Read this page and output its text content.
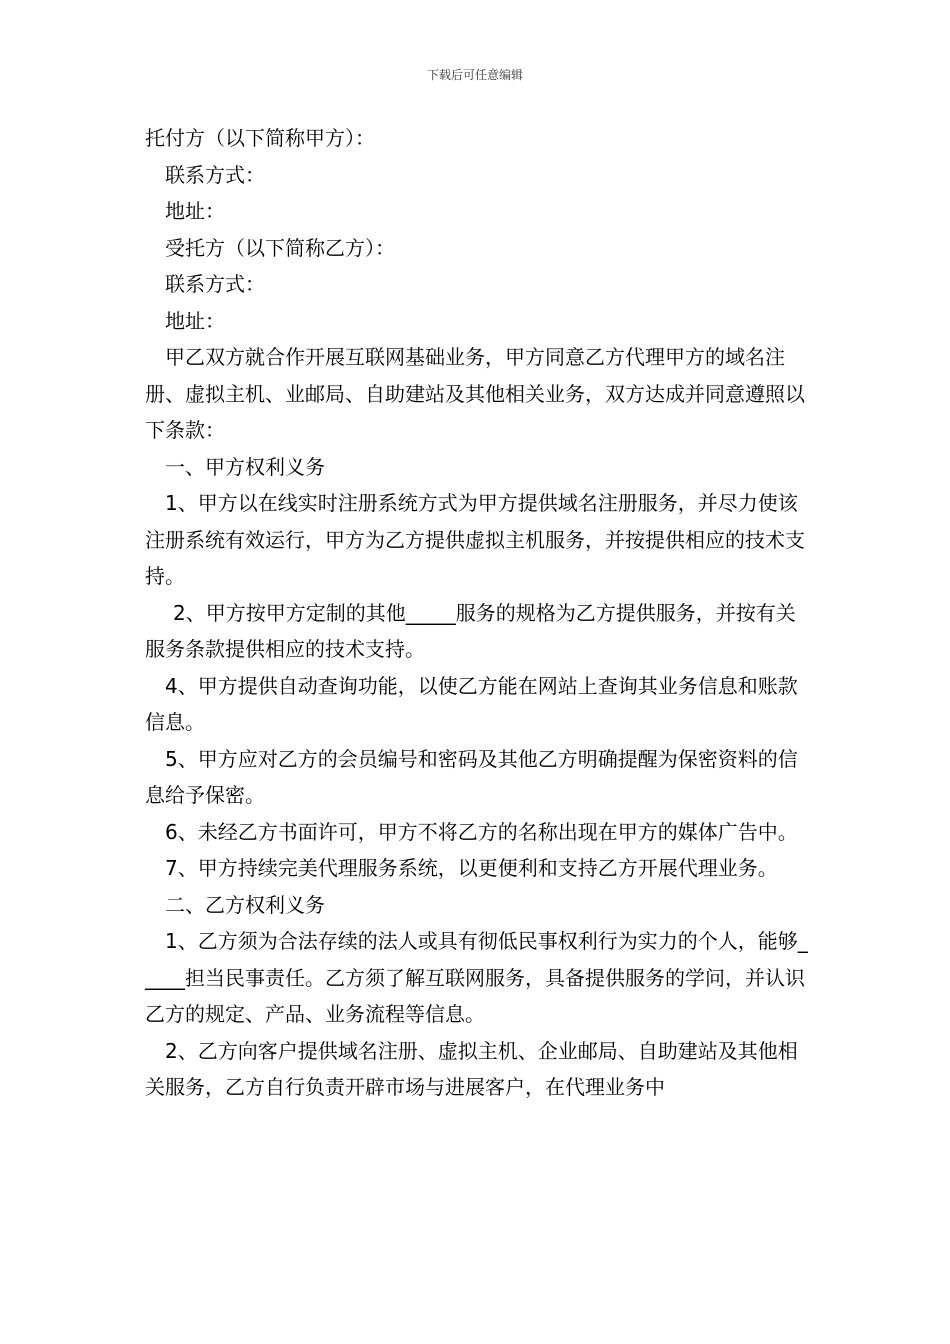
下载后可任意编辑

托付方（以下简称甲方）：

联系方式：

地址：

受托方（以下简称乙方）：

联系方式：

地址：

甲乙双方就合作开展互联网基础业务，甲方同意乙方代理甲方的域名注册、虚拟主机、业邮局、自助建站及其他相关业务，双方达成并同意遵照以下条款：

一、甲方权利义务

1、甲方以在线实时注册系统方式为甲方提供域名注册服务，并尽力使该注册系统有效运行，甲方为乙方提供虚拟主机服务，并按提供相应的技术支持。

2、甲方按甲方定制的其他_____服务的规格为乙方提供服务，并按有关服务条款提供相应的技术支持。

4、甲方提供自动查询功能，以使乙方能在网站上查询其业务信息和账款信息。

5、甲方应对乙方的会员编号和密码及其他乙方明确提醒为保密资料的信息给予保密。

6、未经乙方书面许可，甲方不将乙方的名称出现在甲方的媒体广告中。

7、甲方持续完美代理服务系统，以更便利和支持乙方开展代理业务。

二、乙方权利义务

1、乙方须为合法存续的法人或具有彻低民事权利行为实力的个人，能够_____担当民事责任。乙方须了解互联网服务，具备提供服务的学问，并认识乙方的规定、产品、业务流程等信息。

2、乙方向客户提供域名注册、虚拟主机、企业邮局、自助建站及其他相关服务，乙方自行负责开辟市场与进展客户，在代理业务中
